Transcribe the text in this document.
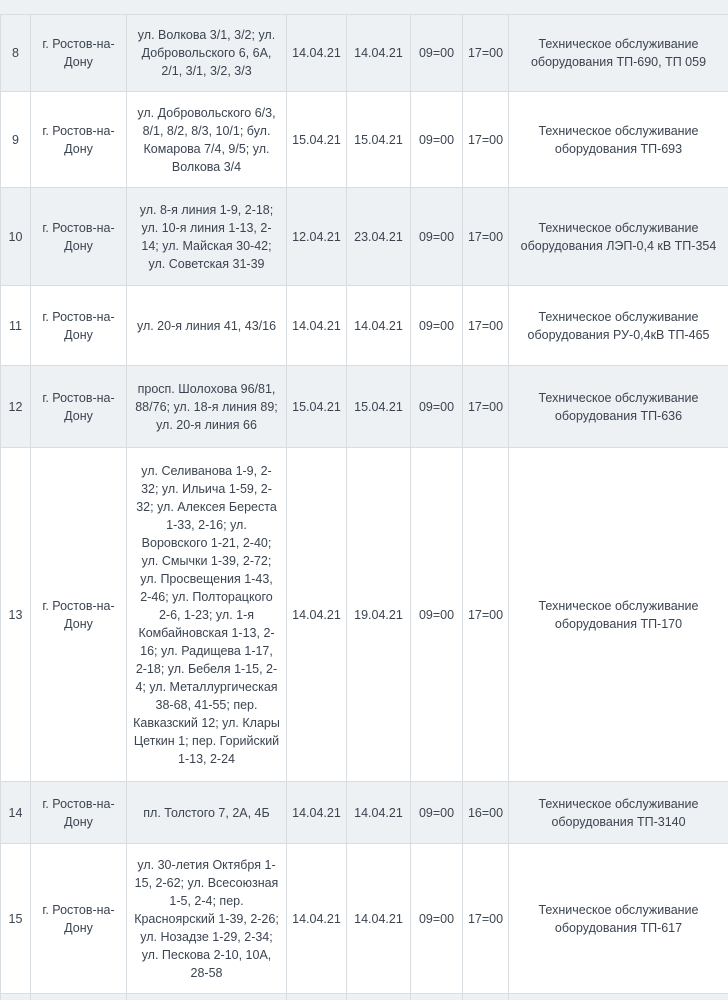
8	г. Ростов-на-Дону	ул. Волкова 3/1, 3/2; ул. Добровольского 6, 6А, 2/1, 3/1, 3/2, 3/3	14.04.21	14.04.21	09=00	17=00	Техническое обслуживание оборудования ТП-690, ТП 059
9	г. Ростов-на-Дону	ул. Добровольского 6/3, 8/1, 8/2, 8/3, 10/1; бул. Комарова 7/4, 9/5; ул. Волкова 3/4	15.04.21	15.04.21	09=00	17=00	Техническое обслуживание оборудования ТП-693
10	г. Ростов-на-Дону	ул. 8-я линия 1-9, 2-18; ул. 10-я линия 1-13, 2-14; ул. Майская 30-42; ул. Советская 31-39	12.04.21	23.04.21	09=00	17=00	Техническое обслуживание оборудования ЛЭП-0,4 кВ ТП-354
11	г. Ростов-на-Дону	ул. 20-я линия 41, 43/16	14.04.21	14.04.21	09=00	17=00	Техническое обслуживание оборудования РУ-0,4кВ ТП-465
12	г. Ростов-на-Дону	просп. Шолохова 96/81, 88/76; ул. 18-я линия 89; ул. 20-я линия 66	15.04.21	15.04.21	09=00	17=00	Техническое обслуживание оборудования ТП-636
13	г. Ростов-на-Дону	ул. Селиванова 1-9, 2-32; ул. Ильича 1-59, 2-32; ул. Алексея Береста 1-33, 2-16; ул. Воровского 1-21, 2-40; ул. Смычки 1-39, 2-72; ул. Просвещения 1-43, 2-46; ул. Полторацкого 2-6, 1-23; ул. 1-я Комбайновская 1-13, 2-16; ул. Радищева 1-17, 2-18; ул. Бебеля 1-15, 2-4; ул. Металлургическая 38-68, 41-55; пер. Кавказский 12; ул. Клары Цеткин 1; пер. Горийский 1-13, 2-24	14.04.21	19.04.21	09=00	17=00	Техническое обслуживание оборудования ТП-170
14	г. Ростов-на-Дону	пл. Толстого 7, 2А, 4Б	14.04.21	14.04.21	09=00	16=00	Техническое обслуживание оборудования ТП-3140
15	г. Ростов-на-Дону	ул. 30-летия Октября 1-15, 2-62; ул. Всесоюзная 1-5, 2-4; пер. Красноярский 1-39, 2-26; ул. Нозадзе 1-29, 2-34; ул. Пескова 2-10, 10А, 28-58	14.04.21	14.04.21	09=00	17=00	Техническое обслуживание оборудования ТП-617
